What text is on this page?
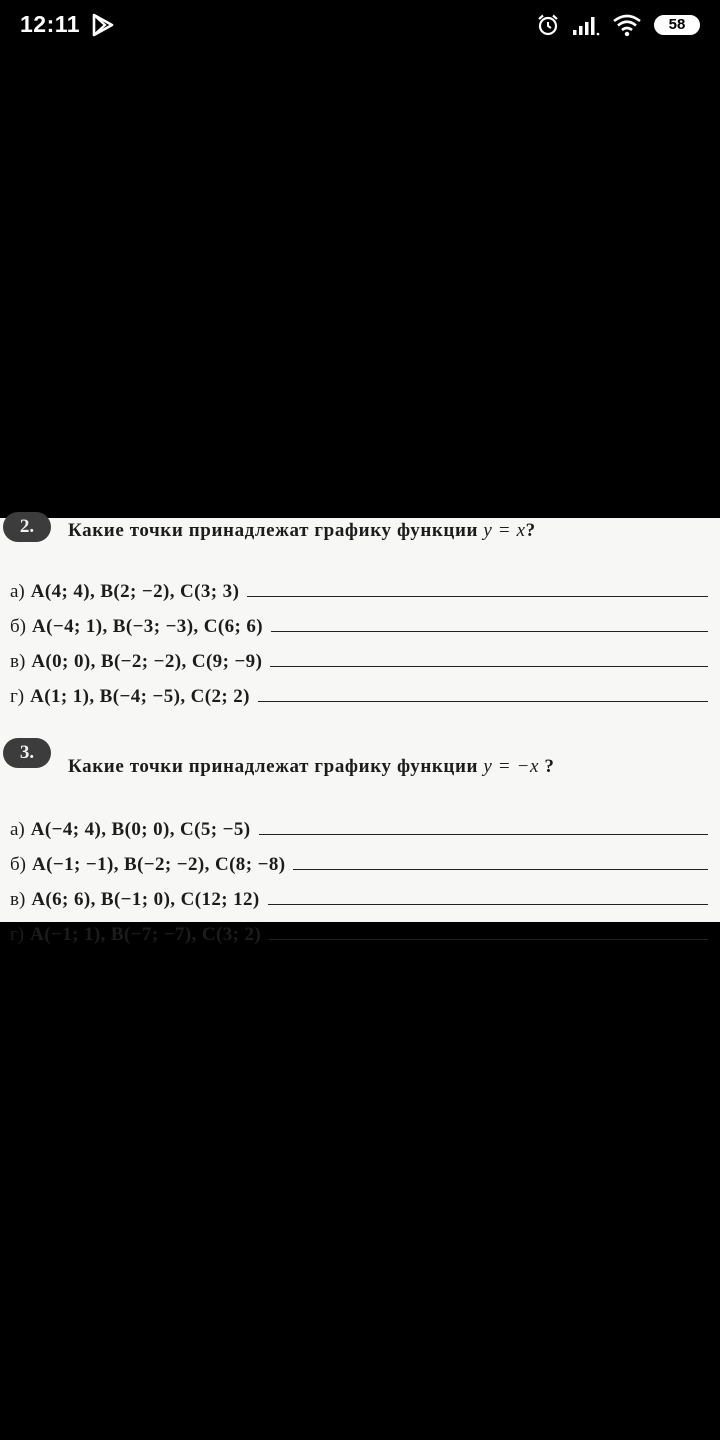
12:11	58
2.	Какие точки принадлежат графику функции y = x?
а) A(4; 4), B(2; −2), C(3; 3)
б) A(−4; 1), B(−3; −3), C(6; 6)
в) A(0; 0), B(−2; −2), C(9; −9)
г) A(1; 1), B(−4; −5), C(2; 2)
3.
Какие точки принадлежат графику функции y = −x ?
а) A(−4; 4), B(0; 0), C(5; −5)
б) A(−1; −1), B(−2; −2), C(8; −8)
в) A(6; 6), B(−1; 0), C(12; 12)
г) A(−1; 1), B(−7; −7), C(3; 2)
